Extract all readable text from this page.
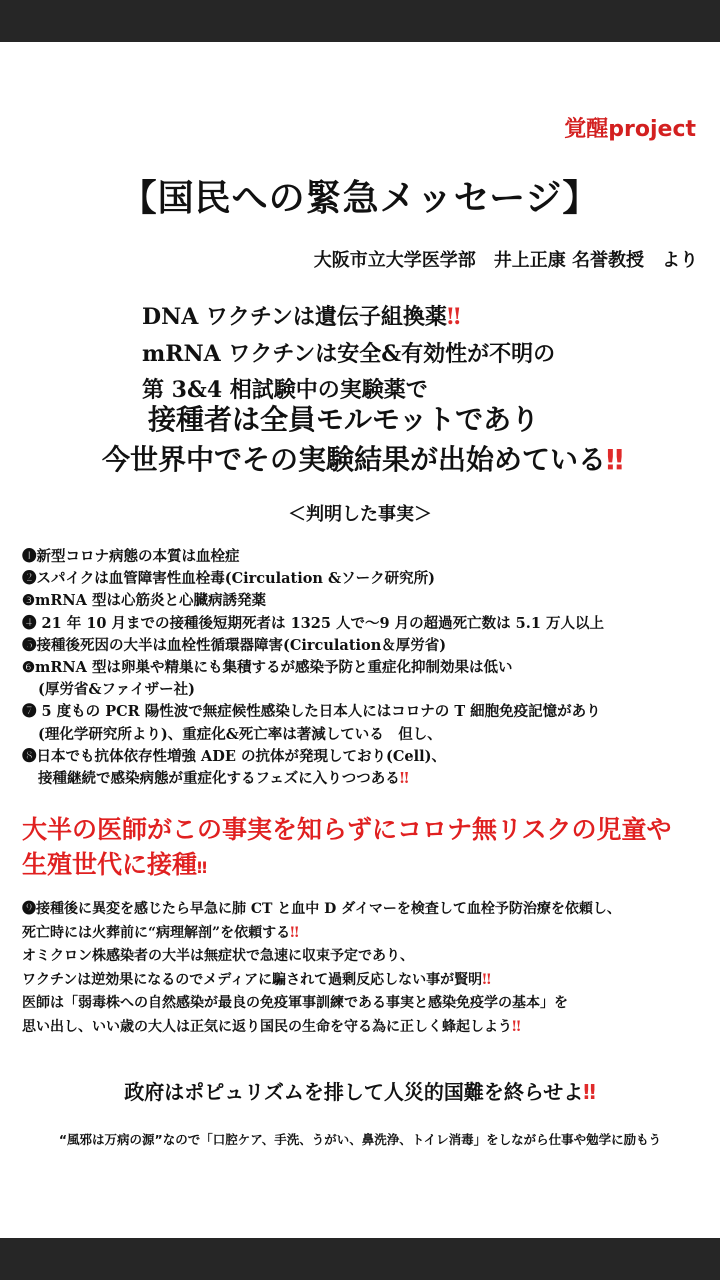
覚醒project
【国民への緊急メッセージ】
大阪市立大学医学部　井上正康 名誉教授　より
DNA ワクチンは遺伝子組換薬‼
mRNA ワクチンは安全&有効性が不明の
第 3&4 相試験中の実験薬で
接種者は全員モルモットであり
今世界中でその実験結果が出始めている‼
＜判明した事実＞
❶新型コロナ病態の本質は血栓症
❷スパイクは血管障害性血栓毒(Circulation &ソーク研究所)
❸mRNA 型は心筋炎と心臓病誘発薬
❹ 21 年 10 月までの接種後短期死者は 1325 人で～9 月の超過死亡数は 5.1 万人以上
❺接種後死因の大半は血栓性循環器障害(Circulation＆厚労省)
❻mRNA 型は卵巣や精巣にも集積するが感染予防と重症化抑制効果は低い
(厚労省&ファイザー社)
❼ 5 度もの PCR 陽性波で無症候性感染した日本人にはコロナの T 細胞免疫記憶があり
(理化学研究所より)、重症化&死亡率は著減している　但し、
❽日本でも抗体依存性増強 ADE の抗体が発現しており(Cell)、
接種継続で感染病態が重症化するフェズに入りつつある‼
大半の医師がこの事実を知らずにコロナ無リスクの児童や
生殖世代に接種‼
❾接種後に異変を感じたら早急に肺 CT と血中 D ダイマーを検査して血栓予防治療を依頼し、
死亡時には火葬前に“病理解剖”を依頼する‼
オミクロン株感染者の大半は無症状で急速に収束予定であり、
ワクチンは逆効果になるのでメディアに騙されて過剰反応しない事が賢明‼
医師は「弱毒株への自然感染が最良の免疫軍事訓練である事実と感染免疫学の基本」を
思い出し、いい歳の大人は正気に返り国民の生命を守る為に正しく蜂起しよう‼
政府はポピュリズムを排して人災的国難を終らせよ‼
“風邪は万病の源”なので「口腔ケア、手洗、うがい、鼻洗浄、トイレ消毒」をしながら仕事や勉学に励もう
